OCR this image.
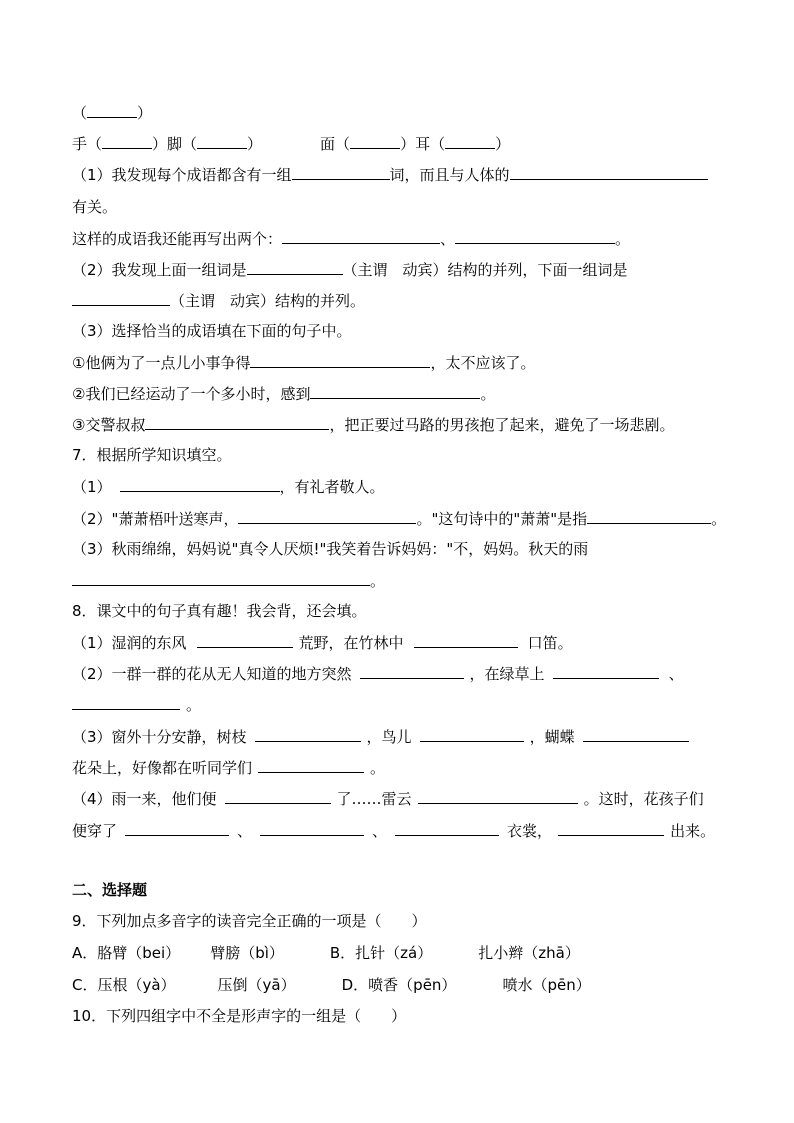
（	）
手（	）脚（	）	面（	）耳（	）
（1）我发现每个成语都含有一组	词，而且与人体的
有关。
这样的成语我还能再写出两个：	、	。
（2）我发现上面一组词是	（主谓　动宾）结构的并列，下面一组词是
（主谓　动宾）结构的并列。
（3）选择恰当的成语填在下面的句子中。
①他俩为了一点儿小事争得	，太不应该了。
②我们已经运动了一个多小时，感到	。
③交警叔叔	，把正要过马路的男孩抱了起来，避免了一场悲剧。
7．根据所学知识填空。
（1）	，有礼者敬人。
（2）"萧萧梧叶送寒声，	。"这句诗中的"萧萧"是指	。
（3）秋雨绵绵，妈妈说"真令人厌烦!"我笑着告诉妈妈："不，妈妈。秋天的雨
。
8．课文中的句子真有趣！我会背，还会填。
（1）湿润的东风	荒野，在竹林中	口笛。
（2）一群一群的花从无人知道的地方突然	，在绿草上	、
。
（3）窗外十分安静，树枝	，鸟儿	，蝴蝶
花朵上，好像都在听同学们	。
（4）雨一来，他们便	了……雷云	。这时，花孩子们
便穿了	、	、	衣裳，	出来。
二、选择题
9．下列加点多音字的读音完全正确的一项是（　　）
A．胳臂（bei） 臂膀（bì）	B．扎针（zá）	扎小辫（zhā）
C．压根（yà）	压倒（yā）	D．喷香（pēn）	喷水（pēn）
10．下列四组字中不全是形声字的一组是（　　）
